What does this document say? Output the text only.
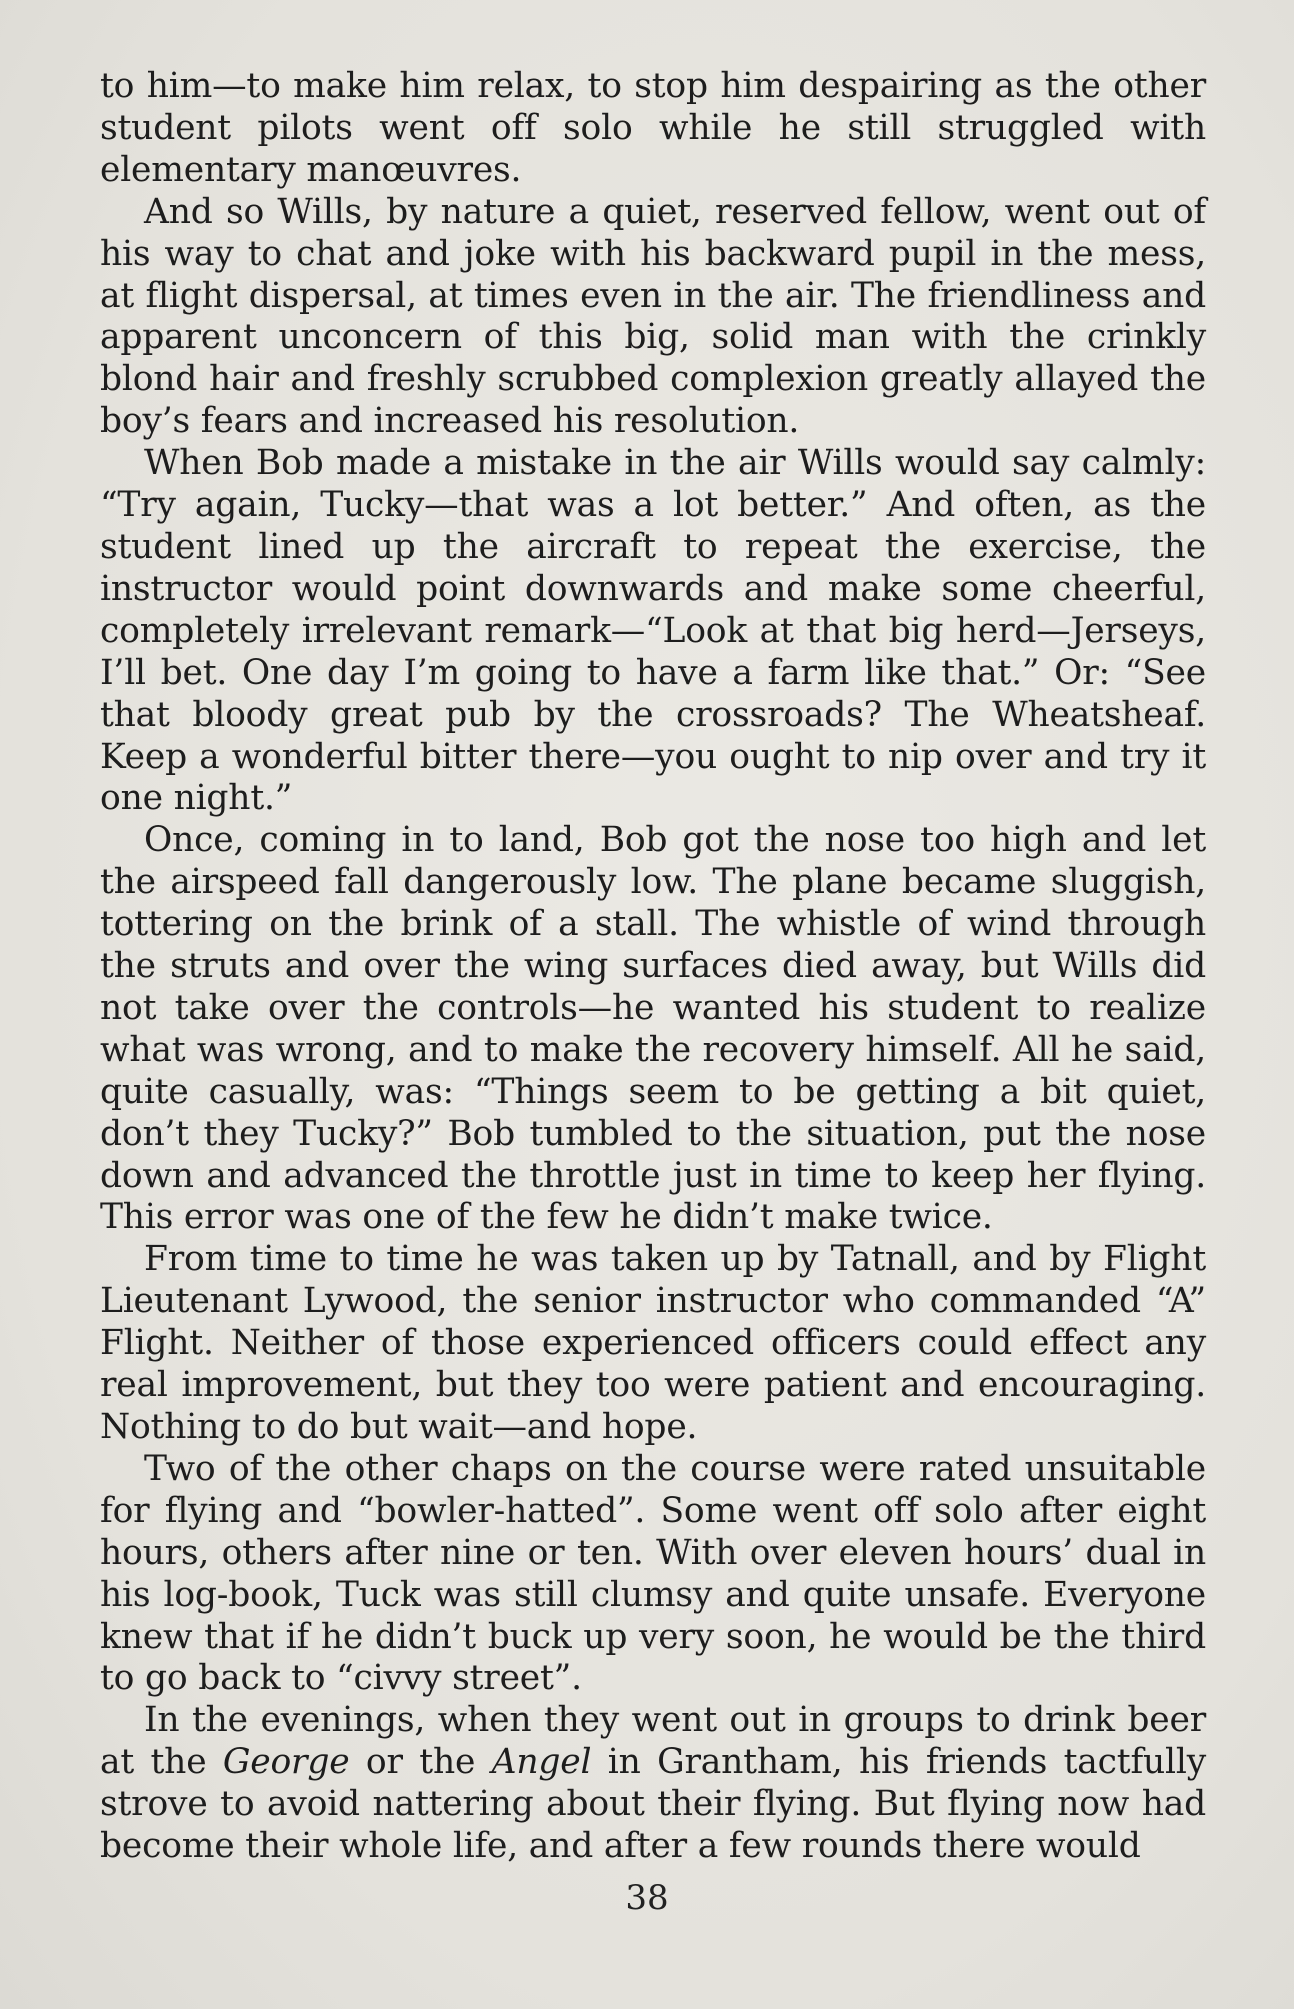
to him—to make him relax, to stop him despairing as the other student pilots went off solo while he still struggled with elementary manœuvres.

And so Wills, by nature a quiet, reserved fellow, went out of his way to chat and joke with his backward pupil in the mess, at flight dispersal, at times even in the air. The friendliness and apparent unconcern of this big, solid man with the crinkly blond hair and freshly scrubbed complexion greatly allayed the boy’s fears and increased his resolution.

When Bob made a mistake in the air Wills would say calmly: “Try again, Tucky—that was a lot better.” And often, as the student lined up the aircraft to repeat the exercise, the instructor would point downwards and make some cheerful, completely irrelevant remark—“Look at that big herd—Jerseys, I’ll bet. One day I’m going to have a farm like that.” Or: “See that bloody great pub by the crossroads? The Wheatsheaf. Keep a wonderful bitter there—you ought to nip over and try it one night.”

Once, coming in to land, Bob got the nose too high and let the airspeed fall dangerously low. The plane became sluggish, tottering on the brink of a stall. The whistle of wind through the struts and over the wing surfaces died away, but Wills did not take over the controls—he wanted his student to realize what was wrong, and to make the recovery himself. All he said, quite casually, was: “Things seem to be getting a bit quiet, don’t they Tucky?” Bob tumbled to the situation, put the nose down and advanced the throttle just in time to keep her flying. This error was one of the few he didn’t make twice.

From time to time he was taken up by Tatnall, and by Flight Lieutenant Lywood, the senior instructor who commanded “A” Flight. Neither of those experienced officers could effect any real improvement, but they too were patient and encouraging. Nothing to do but wait—and hope.

Two of the other chaps on the course were rated unsuitable for flying and “bowler-hatted”. Some went off solo after eight hours, others after nine or ten. With over eleven hours’ dual in his log-book, Tuck was still clumsy and quite unsafe. Everyone knew that if he didn’t buck up very soon, he would be the third to go back to “civvy street”.

In the evenings, when they went out in groups to drink beer at the George or the Angel in Grantham, his friends tactfully strove to avoid nattering about their flying. But flying now had become their whole life, and after a few rounds there would

38
